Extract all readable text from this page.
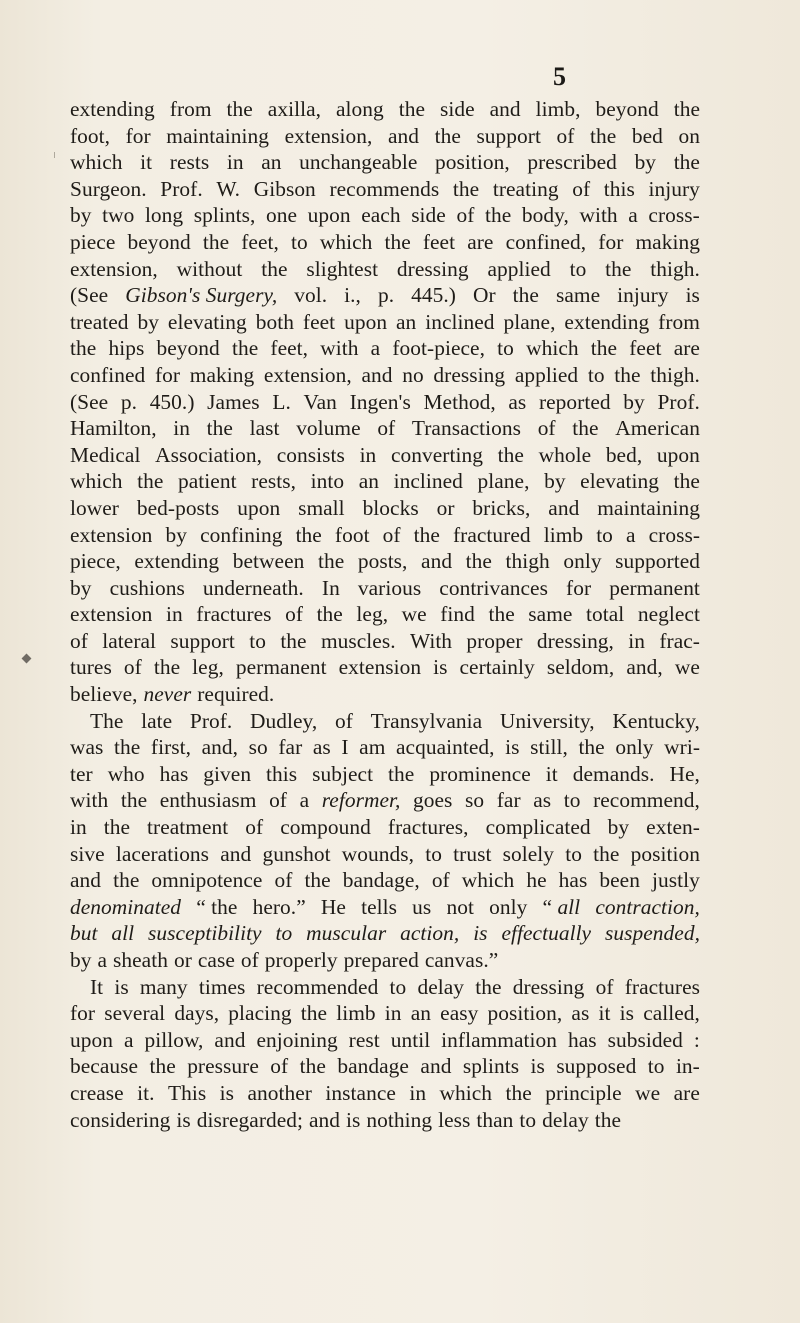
5
extending from the axilla, along the side and limb, beyond the
foot, for maintaining extension, and the support of the bed on
which it rests in an unchangeable position, prescribed by the
Surgeon. Prof. W. Gibson recommends the treating of this injury
by two long splints, one upon each side of the body, with a cross-
piece beyond the feet, to which the feet are confined, for making
extension, without the slightest dressing applied to the thigh.
(See Gibson's Surgery, vol. i., p. 445.) Or the same injury is
treated by elevating both feet upon an inclined plane, extending from
the hips beyond the feet, with a foot-piece, to which the feet are
confined for making extension, and no dressing applied to the thigh.
(See p. 450.) James L. Van Ingen's Method, as reported by Prof.
Hamilton, in the last volume of Transactions of the American
Medical Association, consists in converting the whole bed, upon
which the patient rests, into an inclined plane, by elevating the
lower bed-posts upon small blocks or bricks, and maintaining
extension by confining the foot of the fractured limb to a cross-
piece, extending between the posts, and the thigh only supported
by cushions underneath. In various contrivances for permanent
extension in fractures of the leg, we find the same total neglect
of lateral support to the muscles. With proper dressing, in frac-
tures of the leg, permanent extension is certainly seldom, and, we
believe, never required.
The late Prof. Dudley, of Transylvania University, Kentucky,
was the first, and, so far as I am acquainted, is still, the only wri-
ter who has given this subject the prominence it demands. He,
with the enthusiasm of a reformer, goes so far as to recommend,
in the treatment of compound fractures, complicated by exten-
sive lacerations and gunshot wounds, to trust solely to the position
and the omnipotence of the bandage, of which he has been justly
denominated “ the hero.” He tells us not only “ all contraction,
but all susceptibility to muscular action, is effectually suspended,
by a sheath or case of properly prepared canvas.”
It is many times recommended to delay the dressing of fractures
for several days, placing the limb in an easy position, as it is called,
upon a pillow, and enjoining rest until inflammation has subsided :
because the pressure of the bandage and splints is supposed to in-
crease it. This is another instance in which the principle we are
considering is disregarded; and is nothing less than to delay the
